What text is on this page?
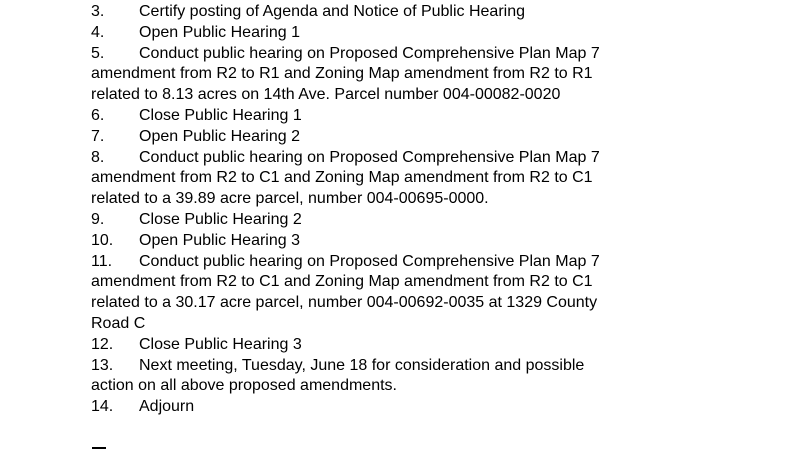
3. Certify posting of Agenda and Notice of Public Hearing
4. Open Public Hearing 1
5. Conduct public hearing on Proposed Comprehensive Plan Map 7
amendment from R2 to R1 and Zoning Map amendment from R2 to R1
related to 8.13 acres on 14th Ave. Parcel number 004-00082-0020
6. Close Public Hearing 1
7. Open Public Hearing 2
8. Conduct public hearing on Proposed Comprehensive Plan Map 7
amendment from R2 to C1 and Zoning Map amendment from R2 to C1
related to a 39.89 acre parcel, number 004-00695-0000.
9. Close Public Hearing 2
10. Open Public Hearing 3
11. Conduct public hearing on Proposed Comprehensive Plan Map 7
amendment from R2 to C1 and Zoning Map amendment from R2 to C1
related to a 30.17 acre parcel, number 004-00692-0035 at 1329 County
Road C
12. Close Public Hearing 3
13. Next meeting, Tuesday, June 18 for consideration and possible
action on all above proposed amendments.
14. Adjourn
